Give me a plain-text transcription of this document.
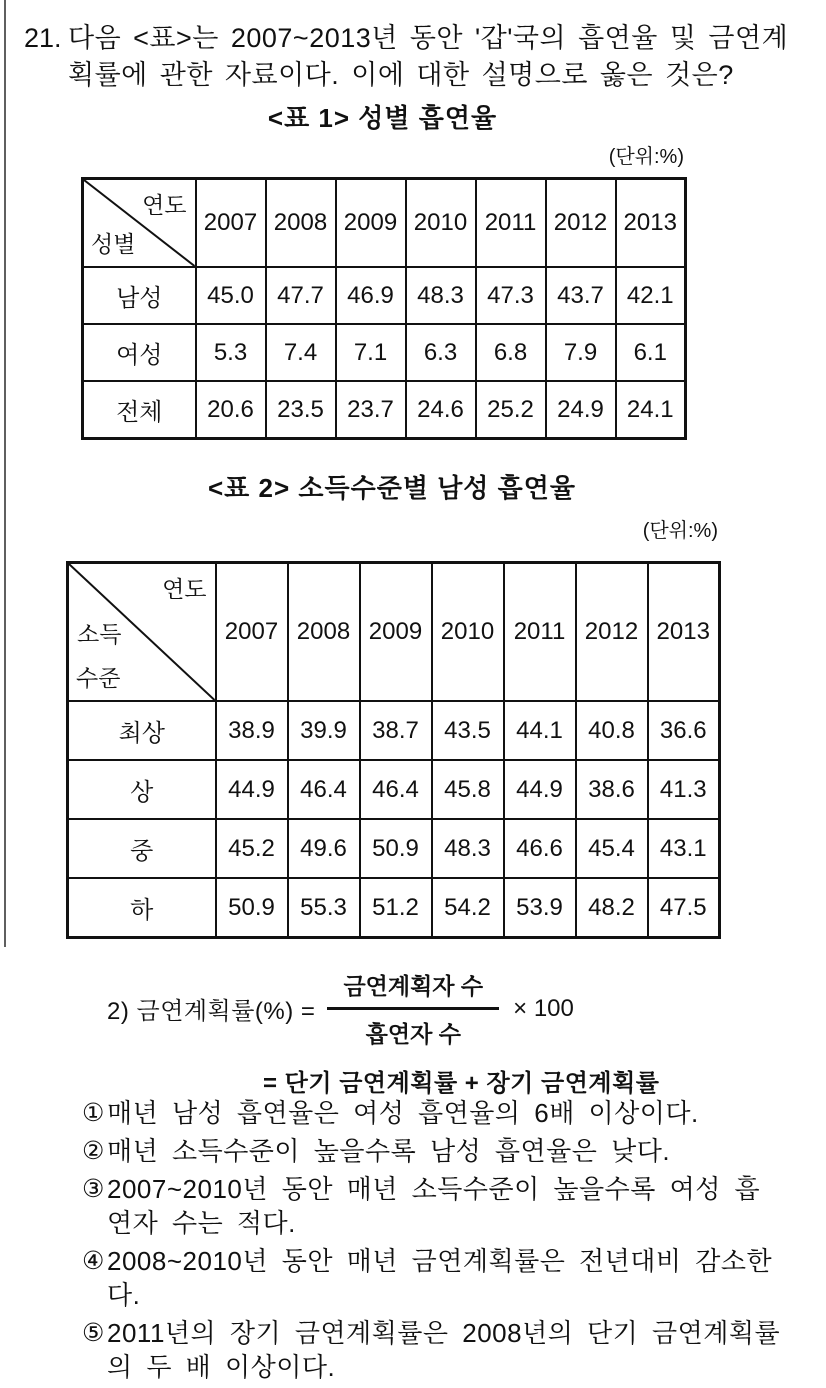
21. 다음 <표>는 2007~2013년 동안 '갑'국의 흡연율 및 금연계
획률에 관한 자료이다. 이에 대한 설명으로 옳은 것은?
<표 1> 성별 흡연율
(단위:%)
연도
성별	2007	2008	2009	2010	2011	2012	2013
남성	45.0	47.7	46.9	48.3	47.3	43.7	42.1
여성	5.3	7.4	7.1	6.3	6.8	7.9	6.1
전체	20.6	23.5	23.7	24.6	25.2	24.9	24.1
<표 2> 소득수준별 남성 흡연율
(단위:%)
연도
소득
수준	2007	2008	2009	2010	2011	2012	2013
최상	38.9	39.9	38.7	43.5	44.1	40.8	36.6
상	44.9	46.4	46.4	45.8	44.9	38.6	41.3
중	45.2	49.6	50.9	48.3	46.6	45.4	43.1
하	50.9	55.3	51.2	54.2	53.9	48.2	47.5
2) 금연계획률(%) = $\frac{\text{금연계획자 수}}{\text{흡연자 수}} \times 100$
= 단기 금연계획률 + 장기 금연계획률
① 매년 남성 흡연율은 여성 흡연율의 6배 이상이다.
② 매년 소득수준이 높을수록 남성 흡연율은 낮다.
③ 2007~2010년 동안 매년 소득수준이 높을수록 여성 흡
연자 수는 적다.
④ 2008~2010년 동안 매년 금연계획률은 전년대비 감소한
다.
⑤ 2011년의 장기 금연계획률은 2008년의 단기 금연계획률
의 두 배 이상이다.
